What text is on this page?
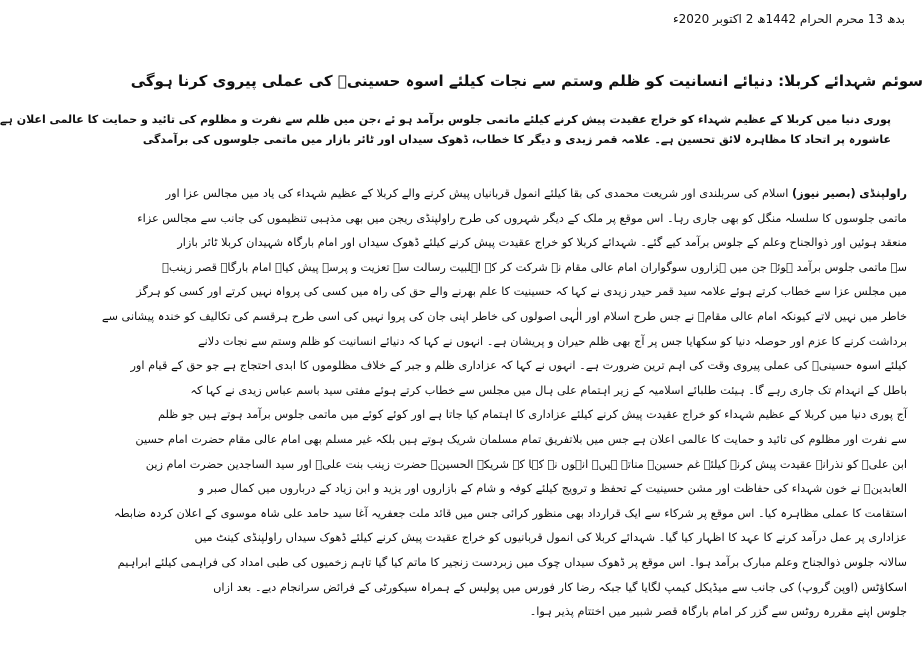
بدھ 13 محرم الحرام 1442ھ 2 اکتوبر 2020ء
سوئم شہدائے کربلا: دنیائے انسانیت کو ظلم وستم سے نجات کیلئے اسوہ حسینیؑ کی عملی پیروی کرنا ہوگی
پوری دنیا میں کربلا کے عظیم شہداء کو خراج عقیدت پیش کرنے کیلئے ماتمی جلوس برآمد ہو ئے ،جن میں ظلم سے نفرت و مظلوم کی تائید و حمایت کا عالمی اعلان ہے
عاشورہ پر اتحاد کا مظاہرہ لائق تحسین ہے۔ علامہ قمر زیدی و دیگر کا خطاب، ڈھوک سیداں اور ٹائر بازار میں ماتمی جلوسوں کی برآمدگی
راولپنڈی (بصیر نیوز) اسلام کی سربلندی اور شریعت محمدی کی بقا کیلئے انمول قربانیاں پیش کرنے والے کربلا کے عظیم شہداء کی یاد میں مجالس عزا اور
ماتمی جلوسوں کا سلسلہ منگل کو بھی جاری رہا۔ اس موقع پر ملک کے دیگر شہروں کی طرح راولپنڈی ریجن میں بھی مذہبی تنظیموں کی جانب سے مجالس عزاء
منعقد ہوئیں اور ذوالجناح وعلم کے جلوس برآمد کیے گئے۔ شہدائے کربلا کو خراج عقیدت پیش کرنے کیلئے ڈھوک سیداں اور امام بارگاہ شہیدان کربلا ٹائر بازار
سے ماتمی جلوس برآمد ہوئے جن میں ہزاروں سوگواران امام عالی مقام نے شرکت کر کے اہلبیت رسالت سے تعزیت و پرسہ پیش کیا۔ امام بارگاہ قصر زینبؑ
میں مجلس عزا سے خطاب کرتے ہوئے علامہ سید قمر حیدر زیدی نے کہا کہ حسینیت کا علم بھرنے والے حق کی راہ میں کسی کی پرواہ نہیں کرتے اور کسی کو ہرگز
خاطر میں نہیں لاتے کیونکہ امام عالی مقامؑ نے جس طرح اسلام اور الٰہی اصولوں کی خاطر اپنی جان کی پروا نہیں کی اسی طرح ہرقسم کی تکالیف کو خندہ پیشانی سے
برداشت کرنے کا عزم اور حوصلہ دنیا کو سکھایا جس پر آج بھی ظلم حیران و پریشان ہے۔ انہوں نے کہا کہ دنیائے انسانیت کو ظلم وستم سے نجات دلانے
کیلئے اسوہ حسینیؑ کی عملی پیروی وقت کی اہم ترین ضرورت ہے۔ انہوں نے کہا کہ عزاداری ظلم و جبر کے خلاف مظلوموں کا ابدی احتجاج ہے جو حق کے قیام اور
باطل کے انہدام تک جاری رہے گا۔ ہیئت طلبائے اسلامیہ کے زیر اہتمام علی ہال میں مجلس سے خطاب کرتے ہوئے مفتی سید باسم عباس زیدی نے کہا کہ
آج پوری دنیا میں کربلا کے عظیم شہداء کو خراج عقیدت پیش کرنے کیلئے عزاداری کا اہتمام کیا جاتا ہے اور کوئے کوئے میں ماتمی جلوس برآمد ہوتے ہیں جو ظلم
سے نفرت اور مظلوم کی تائید و حمایت کا عالمی اعلان ہے جس میں بلاتفریق تمام مسلمان شریک ہوتے ہیں بلکہ غیر مسلم بھی امام عالی مقام حضرت امام حسین
ابن علیؑ کو نذرانہ عقیدت پیش کرنے کیلئے غم حسینؑ مناتے ہیں۔ انہوں نے کہا کہ شریکۃ الحسینؑ حضرت زینب بنت علیؑ اور سید الساجدین حضرت امام زین
العابدینؑ نے خون شہداء کی حفاظت اور مشن حسینیت کے تحفظ و ترویج کیلئے کوفہ و شام کے بازاروں اور یزید و ابن زیاد کے درباروں میں کمال صبر و
استقامت کا عملی مظاہرہ کیا۔ اس موقع پر شرکاء سے ایک قرارداد بھی منظور کرائی جس میں قائد ملت جعفریہ آغا سید حامد علی شاہ موسوی کے اعلان کردہ ضابطہ
عزاداری پر عمل درآمد کرنے کا عہد کا اظہار کیا گیا۔ شہدائے کربلا کی انمول قربانیوں کو خراج عقیدت پیش کرنے کیلئے ڈھوک سیداں راولپنڈی کینٹ میں
سالانہ جلوس ذوالجناح وعلم مبارک برآمد ہوا۔ اس موقع پر ڈھوک سیداں چوک میں زبردست زنجیر کا ماتم کیا گیا تاہم زخمیوں کی طبی امداد کی فراہمی کیلئے ابراہیم
اسکاؤٹس (اوپن گروپ) کی جانب سے میڈیکل کیمپ لگایا گیا جبکہ رضا کار فورس میں پولیس کے ہمراہ سیکورٹی کے فرائض سرانجام دیے۔ بعد ازاں
جلوس اپنے مقررہ روٹس سے گزر کر امام بارگاہ قصر شبیر میں اختتام پذیر ہوا۔
